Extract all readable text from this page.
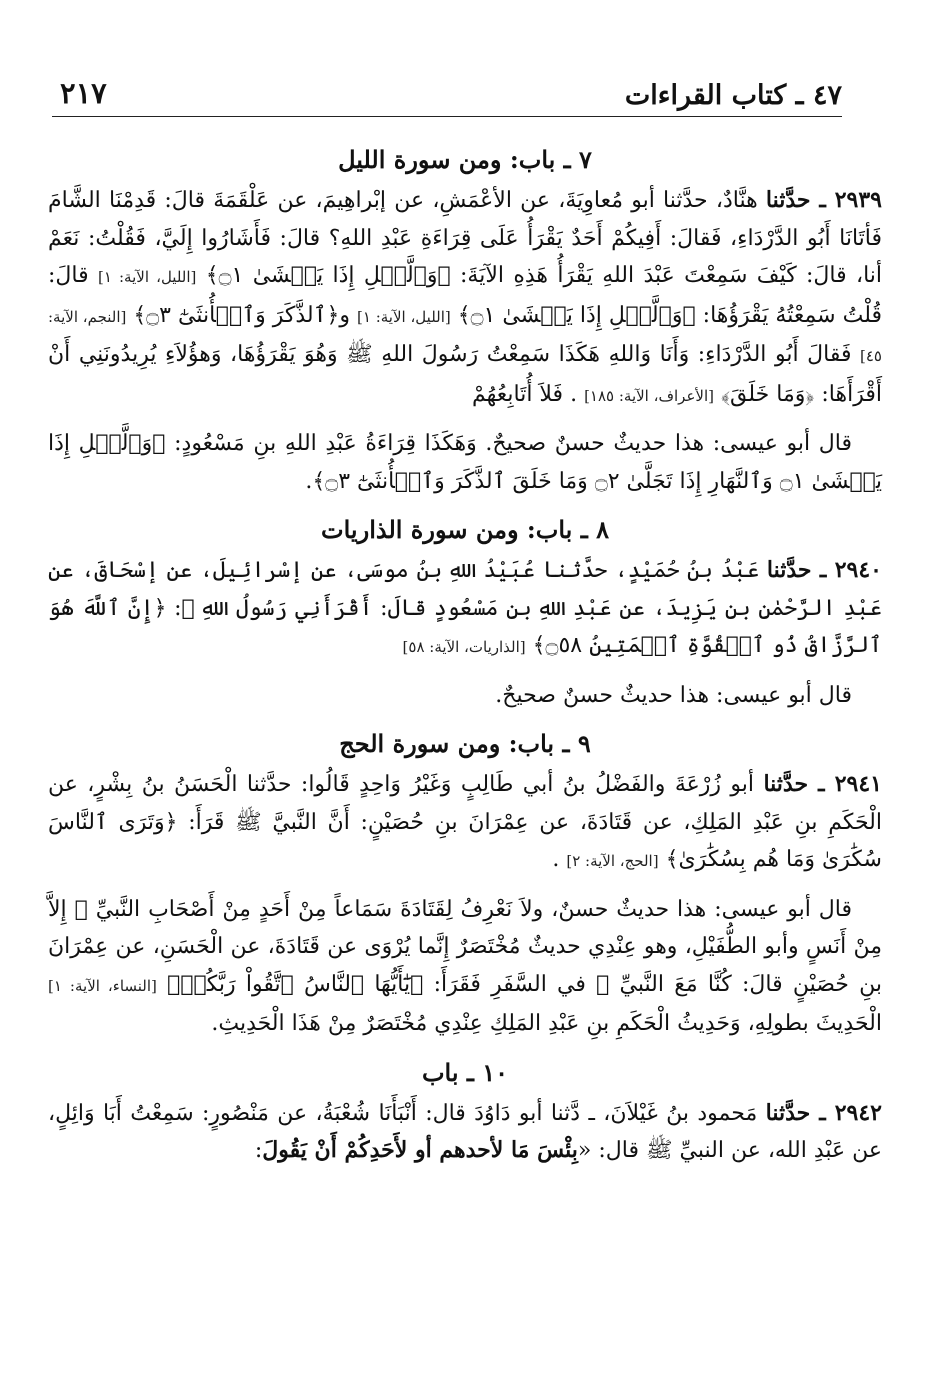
٤٧ ـ كتاب القراءات
٢١٧
٧ ـ باب: ومن سورة الليل

٢٩٣٩ ـ حدَّثنا هنَّادٌ، حدَّثنا أبو مُعاوِيَةَ، عن الأعْمَشِ، عن إبْراهِيمَ، عن عَلْقَمَةَ قالَ: قَدِمْنَا الشَّامَ فَأتَانَا أَبُو الدَّرْدَاءِ، فَقالَ: أَفِيكُمْ أَحَدٌ يَقْرَأُ عَلَى قِرَاءَةِ عَبْدِ اللهِ؟ قالَ: فَأَشَارُوا إِلَيَّ، فَقُلْتُ: نَعَمْ أنا، قالَ: كَيْفَ سَمِعْتَ عَبْدَ اللهِ يَقْرَأُ هَذِهِ الآيَةَ: ﴿وَٱلَّيۡلِ إِذَا يَغۡشَىٰ ۝١﴾ [الليل، الآية: ١] قالَ: قُلْتُ سَمِعْتُهُ يَقْرَؤُهَا: ﴿وَٱلَّيۡلِ إِذَا يَغۡشَىٰ ۝١﴾ [الليل، الآية: ١] و﴿ٱلذَّكَرَ وَٱلۡأُنثَىٰٓ ۝٣﴾ [النجم، الآية: ٤٥] فَقالَ أَبُو الدَّرْدَاءِ: وَأَنَا وَاللهِ هَكَذَا سَمِعْتُ رَسُولَ اللهِ ﷺ وَهُوَ يَقْرَؤُهَا، وَهؤُلاَءِ يُرِيدُونَنِي أَنْ أَقْرَأَهَا: ﴿وَمَا خَلَقَ﴾ [الأعراف، الآية: ١٨٥] . فَلاَ أُتَابِعُهُمْ

قال أبو عيسى: هذا حديثٌ حسنٌ صحيحٌ. وَهَكَذَا قِرَاءَةُ عَبْدِ اللهِ بنِ مَسْعُودٍ: ﴿وَٱلَّيۡلِ إِذَا يَغۡشَىٰ ۝١ وَٱلنَّهَارِ إِذَا تَجَلَّىٰ ۝٢ وَمَا خَلَقَ ٱلذَّكَرَ وَٱلۡأُنثَىٰٓ ۝٣﴾.

٨ ـ باب: ومن سورة الذاريات

٢٩٤٠ ـ حدَّثنا عَبْدُ بنُ حُمَيْدٍ، حدَّثنا عُبَيْدُ اللهِ بنُ موسَى، عن إسْرائِيلَ، عن إسْحَاقَ، عن عَبْدِ الرَّحْمٰنِ بنِ يَزِيدَ، عن عَبْدِ اللهِ بنِ مَسْعُودٍ قالَ: أَقْرَأَنِي رَسُولُ اللهِ ﷺ: ﴿إِنَّ ٱللَّهَ هُوَ ٱلرَّزَّاقُ ذُو ٱلۡقُوَّةِ ٱلۡمَتِينُ ۝٥٨﴾ [الذاريات، الآية: ٥٨]

قال أبو عيسى: هذا حديثٌ حسنٌ صحيحٌ.

٩ ـ باب: ومن سورة الحج

٢٩٤١ ـ حدَّثنا أبو زُرْعَةَ والفَضْلُ بنُ أبي طَالِبٍ وَغَيْرُ وَاحِدٍ قَالُوا: حدَّثنا الْحَسَنُ بنُ بِشْرٍ، عن الْحَكَمِ بنِ عَبْدِ المَلِكِ، عن قَتَادَةَ، عن عِمْرَانَ بنِ حُصَيْنٍ: أَنَّ النَّبيَّ ﷺ قَرَأَ: ﴿وَتَرَى ٱلنَّاسَ سُكَٰرَىٰ وَمَا هُم بِسُكَٰرَىٰ﴾ [الحج، الآية: ٢] .

قال أبو عيسى: هذا حديثٌ حسنٌ، ولاَ نَعْرِفُ لِقَتَادَةَ سَمَاعاً مِنْ أَحَدٍ مِنْ أَصْحَابِ النَّبيِّ ﷺ إِلاَّ مِنْ أَنَسٍ وأبو الطُّفَيْلِ، وهو عِنْدِي حديثٌ مُخْتَصَرٌ إِنَّما يُرْوَى عن قَتَادَةَ، عن الْحَسَنِ، عن عِمْرَانَ بنِ حُصَيْنٍ قالَ: كُنَّا مَعَ النَّبيِّ ﷺ في السَّفَرِ فَقَرَأَ: ﴿يَٰٓأَيُّهَا ٱلنَّاسُ ٱتَّقُواْ رَبَّكُمۡ﴾ [النساء، الآية: ١] الْحَدِيثَ بطولِهِ، وَحَدِيثُ الْحَكَمِ بنِ عَبْدِ المَلِكِ عِنْدِي مُخْتَصَرٌ مِنْ هَذَا الْحَدِيثِ.

١٠ ـ باب

٢٩٤٢ ـ حدَّثنا مَحمود بنُ غَيْلاَنَ، ـ دَّثنا أبو دَاوُدَ قال: أَنْبَأَنَا شُعْبَةُ، عن مَنْصُورٍ: سَمِعْتُ أَبَا وَائِلٍ، عن عَبْدِ الله، عن النبيِّ ﷺ قال: «بِئْسَ مَا لأحدهم أو لأَحَدِكُمْ أَنْ يَقُولَ:
